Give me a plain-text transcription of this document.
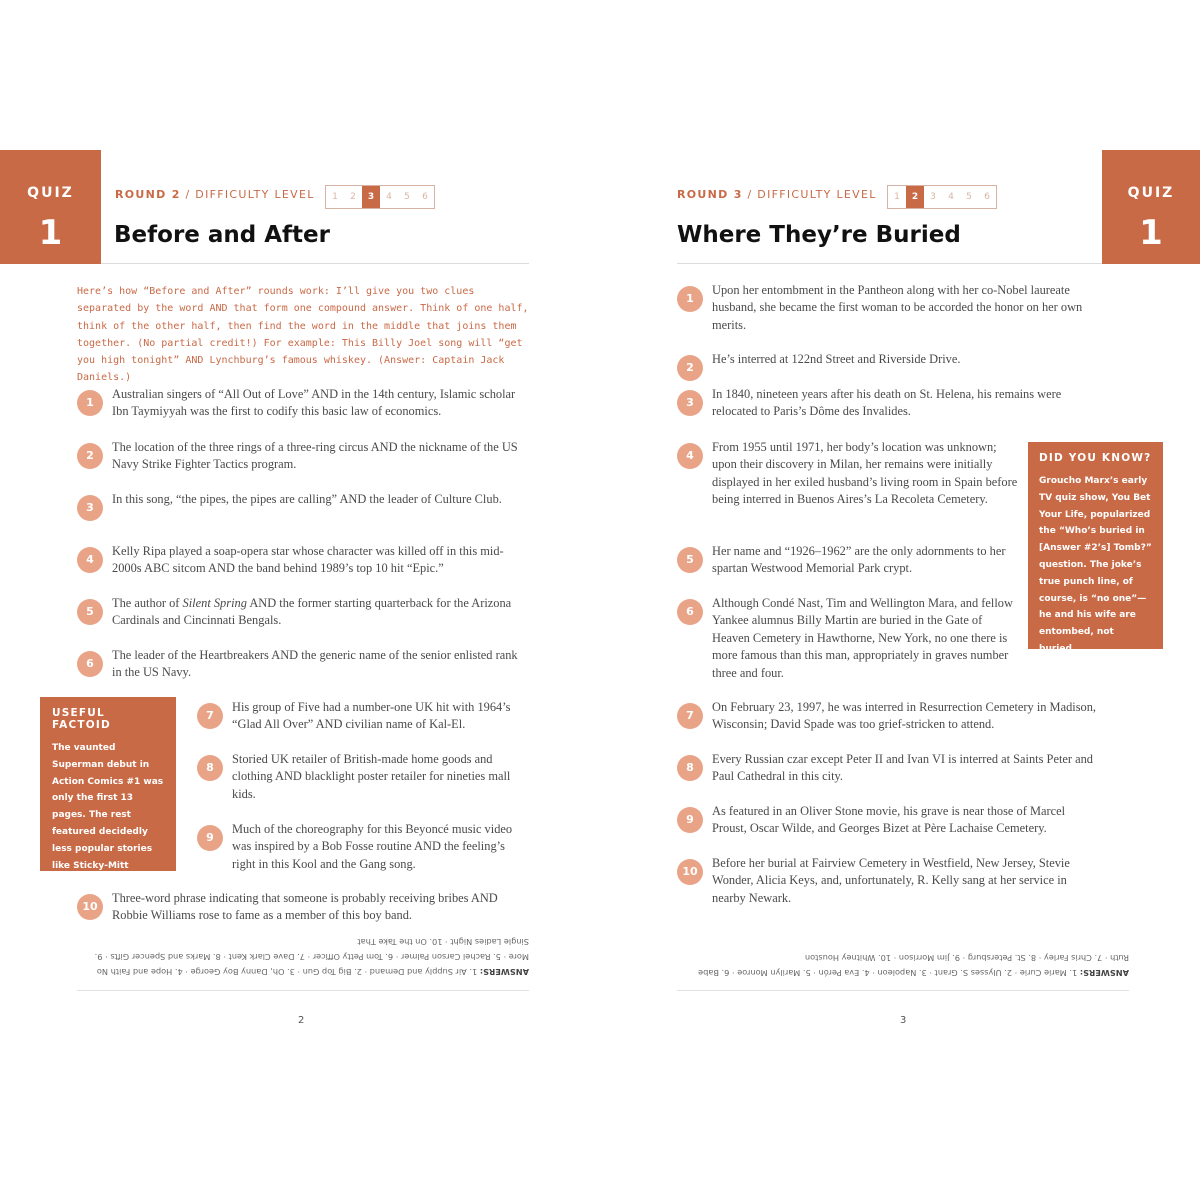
QUIZ
1
ROUND 2 / DIFFICULTY LEVEL	1	2	3	4	5	6
Before and After
Here’s how “Before and After” rounds work: I’ll give you two clues separated by the word AND that form one compound answer. Think of one half, think of the other half, then find the word in the middle that joins them together. (No partial credit!) For example: This Billy Joel song will “get you high tonight” AND Lynchburg’s famous whiskey. (Answer: Captain Jack Daniels.)
1
Australian singers of “All Out of Love” AND in the 14th century, Islamic scholar Ibn Taymiyyah was the first to codify this basic law of economics.
2
The location of the three rings of a three-ring circus AND the nickname of the US Navy Strike Fighter Tactics program.
3
In this song, “the pipes, the pipes are calling” AND the leader of Culture Club.
4
Kelly Ripa played a soap-opera star whose character was killed off in this mid-2000s ABC sitcom AND the band behind 1989’s top 10 hit “Epic.”
5
The author of Silent Spring AND the former starting quarterback for the Arizona Cardinals and Cincinnati Bengals.
6
The leader of the Heartbreakers AND the generic name of the senior enlisted rank in the US Navy.
7
His group of Five had a number-one UK hit with 1964’s “Glad All Over” AND civilian name of Kal-El.
8
Storied UK retailer of British-made home goods and clothing AND blacklight poster retailer for nineties mall kids.
9
Much of the choreography for this Beyoncé music video was inspired by a Bob Fosse routine AND the feeling’s right in this Kool and the Gang song.
10
Three-word phrase indicating that someone is probably receiving bribes AND Robbie Williams rose to fame as a member of this boy band.
USEFUL FACTOID
The vaunted Superman debut in Action Comics #1 was only the first 13 pages. The rest featured decidedly less popular stories like Sticky-Mitt Stimson’s vignette.
ANSWERS: 1. Air Supply and Demand · 2. Big Top Gun · 3. Oh, Danny Boy George · 4. Hope and Faith No More · 5. Rachel Carson Palmer · 6. Tom Petty Officer · 7. Dave Clark Kent · 8. Marks and Spencer Gifts · 9. Single Ladies Night · 10. On the Take That
2
QUIZ
1
ROUND 3 / DIFFICULTY LEVEL	1	2	3	4	5	6
Where They’re Buried
1
Upon her entombment in the Pantheon along with her co-Nobel laureate husband, she became the first woman to be accorded the honor on her own merits.
2
He’s interred at 122nd Street and Riverside Drive.
3
In 1840, nineteen years after his death on St. Helena, his remains were relocated to Paris’s Dôme des Invalides.
4
From 1955 until 1971, her body’s location was unknown; upon their discovery in Milan, her remains were initially displayed in her exiled husband’s living room in Spain before being interred in Buenos Aires’s La Recoleta Cemetery.
5
Her name and “1926–1962” are the only adornments to her spartan Westwood Memorial Park crypt.
6
Although Condé Nast, Tim and Wellington Mara, and fellow Yankee alumnus Billy Martin are buried in the Gate of Heaven Cemetery in Hawthorne, New York, no one there is more famous than this man, appropriately in graves number three and four.
7
On February 23, 1997, he was interred in Resurrection Cemetery in Madison, Wisconsin; David Spade was too grief-stricken to attend.
8
Every Russian czar except Peter II and Ivan VI is interred at Saints Peter and Paul Cathedral in this city.
9
As featured in an Oliver Stone movie, his grave is near those of Marcel Proust, Oscar Wilde, and Georges Bizet at Père Lachaise Cemetery.
10
Before her burial at Fairview Cemetery in Westfield, New Jersey, Stevie Wonder, Alicia Keys, and, unfortunately, R. Kelly sang at her service in nearby Newark.
DID YOU KNOW?
Groucho Marx’s early TV quiz show, You Bet Your Life, popularized the “Who’s buried in [Answer #2’s] Tomb?” question. The joke’s true punch line, of course, is “no one”—he and his wife are entombed, not buried.
ANSWERS: 1. Marie Curie · 2. Ulysses S. Grant · 3. Napoleon · 4. Eva Perón · 5. Marilyn Monroe · 6. Babe Ruth · 7. Chris Farley · 8. St. Petersburg · 9. Jim Morrison · 10. Whitney Houston
3
